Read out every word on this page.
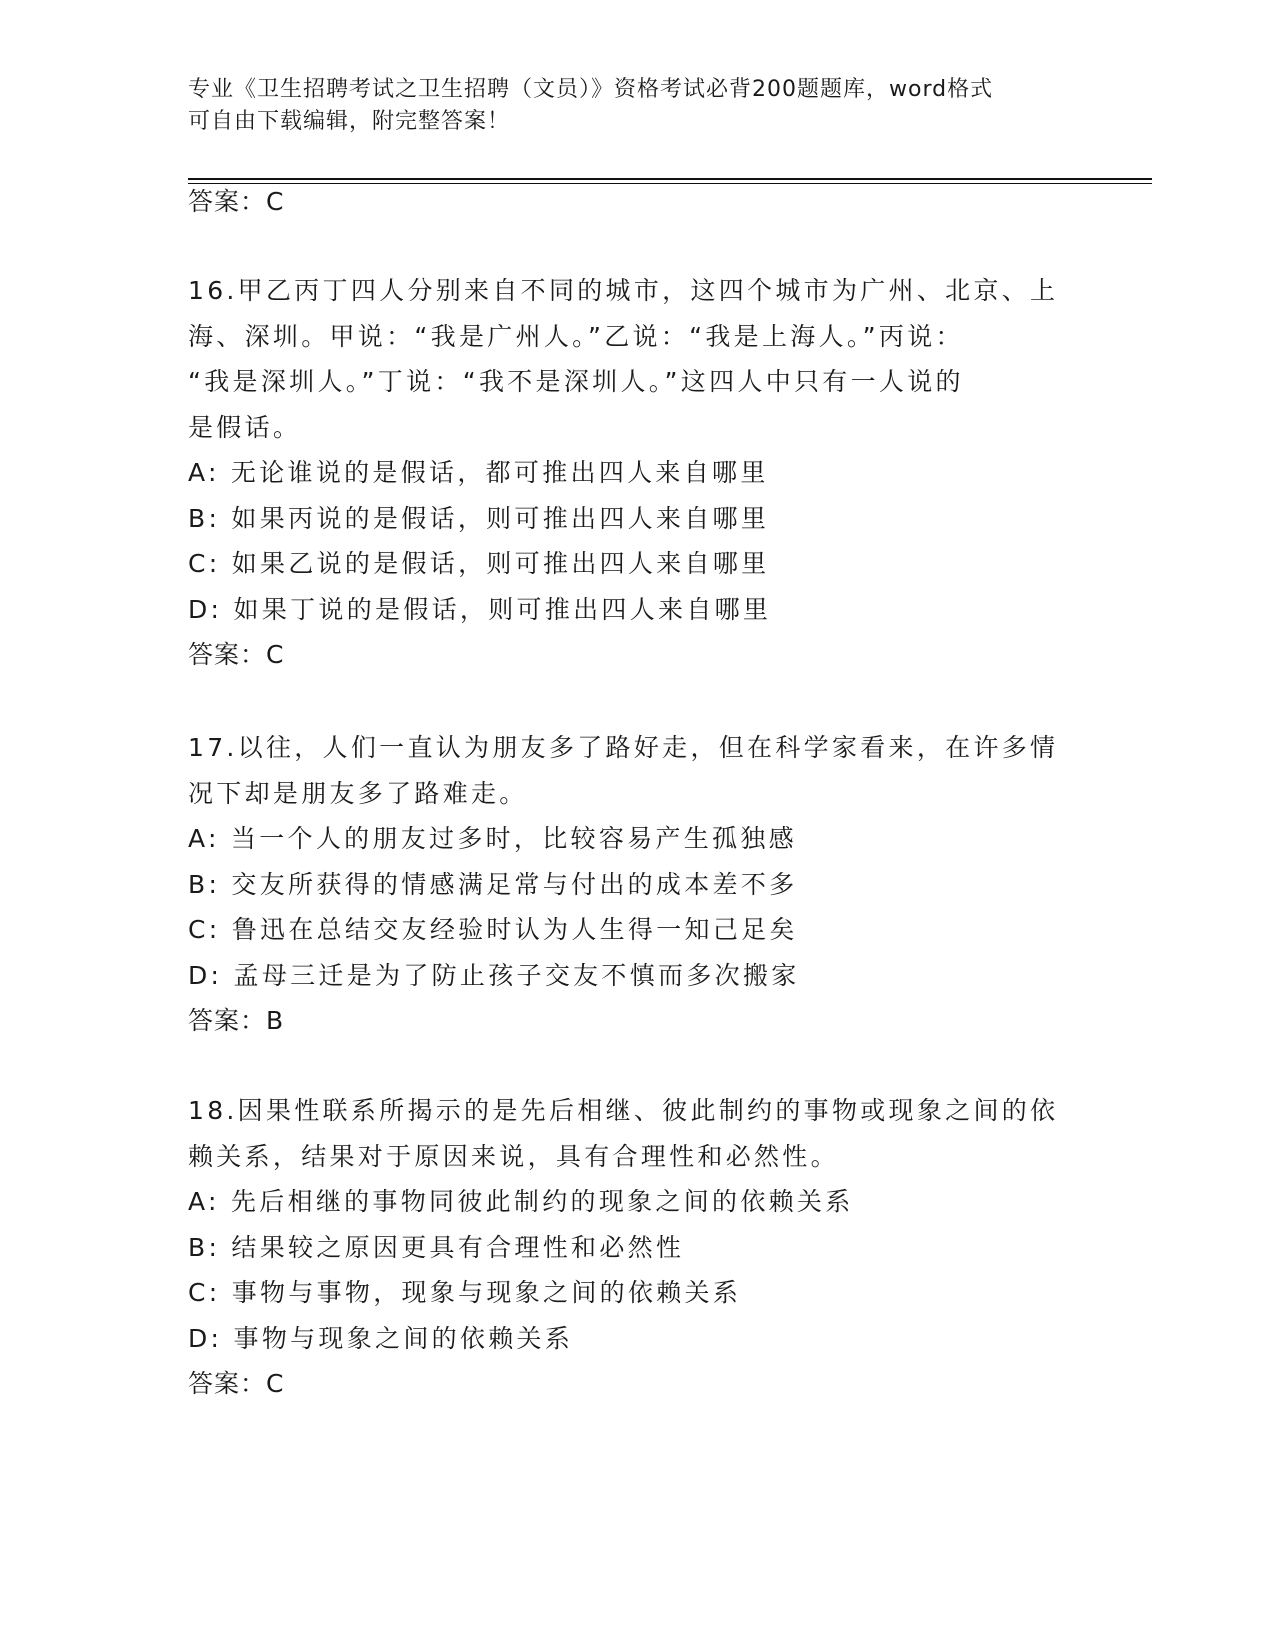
专业《卫生招聘考试之卫生招聘（文员）》资格考试必背200题题库，word格式
可自由下载编辑，附完整答案！
答案：C

16.甲乙丙丁四人分别来自不同的城市，这四个城市为广州、北京、上

海、深圳。甲说：“我是广州人。”乙说：“我是上海人。”丙说：

“我是深圳人。”丁说：“我不是深圳人。”这四人中只有一人说的

是假话。

A: 无论谁说的是假话，都可推出四人来自哪里

B: 如果丙说的是假话，则可推出四人来自哪里

C: 如果乙说的是假话，则可推出四人来自哪里

D: 如果丁说的是假话，则可推出四人来自哪里

答案：C

17.以往，人们一直认为朋友多了路好走，但在科学家看来，在许多情

况下却是朋友多了路难走。

A: 当一个人的朋友过多时，比较容易产生孤独感

B: 交友所获得的情感满足常与付出的成本差不多

C: 鲁迅在总结交友经验时认为人生得一知己足矣

D: 孟母三迁是为了防止孩子交友不慎而多次搬家

答案：B

18.因果性联系所揭示的是先后相继、彼此制约的事物或现象之间的依

赖关系，结果对于原因来说，具有合理性和必然性。

A: 先后相继的事物同彼此制约的现象之间的依赖关系

B: 结果较之原因更具有合理性和必然性

C: 事物与事物，现象与现象之间的依赖关系

D: 事物与现象之间的依赖关系

答案：C
